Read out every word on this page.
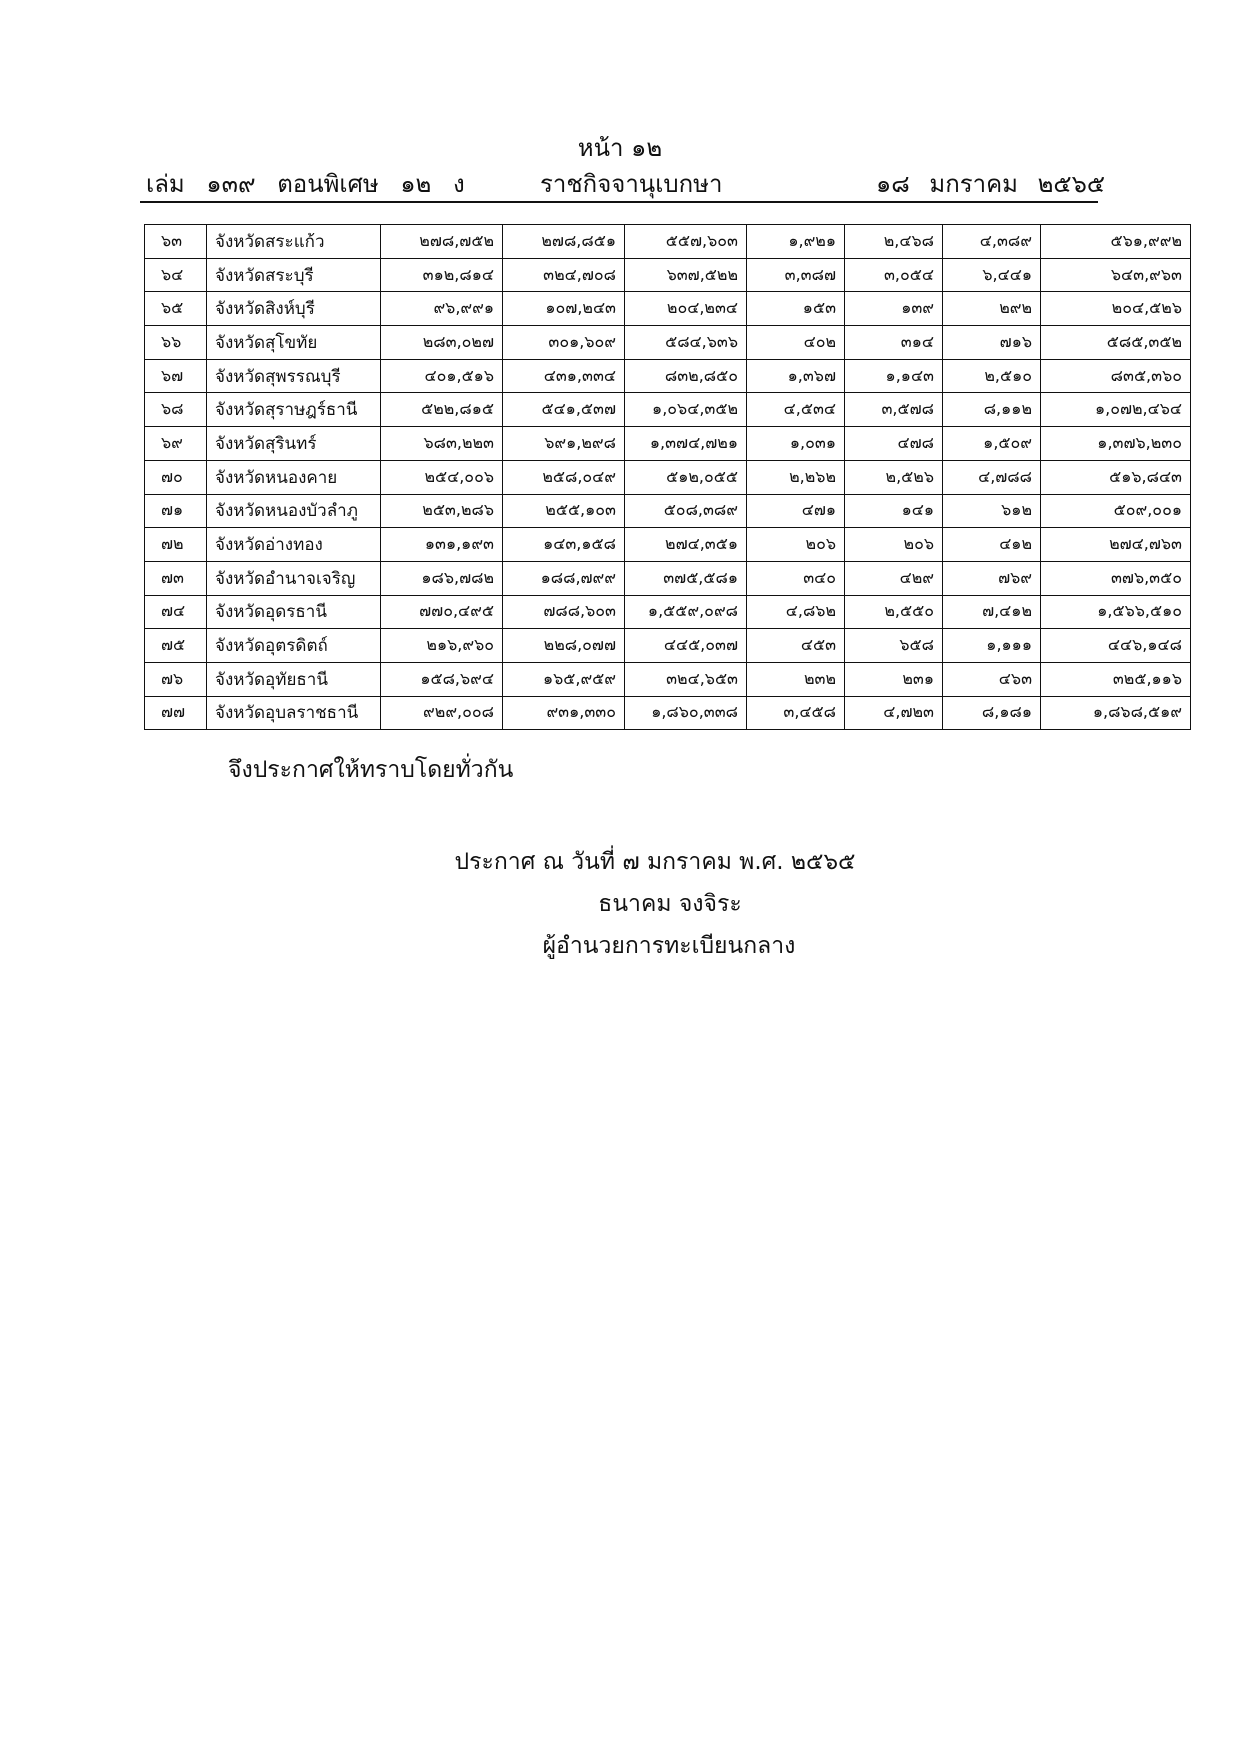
หน้า ๑๒
เล่ม ๑๓๙ ตอนพิเศษ ๑๒ ง	ราชกิจจานุเบกษา	๑๘ มกราคม ๒๕๖๕
๖๓	จังหวัดสระแก้ว	๒๗๘,๗๕๒	๒๗๘,๘๕๑	๕๕๗,๖๐๓	๑,๙๒๑	๒,๔๖๘	๔,๓๘๙	๕๖๑,๙๙๒
๖๔	จังหวัดสระบุรี	๓๑๒,๘๑๔	๓๒๔,๗๐๘	๖๓๗,๕๒๒	๓,๓๘๗	๓,๐๕๔	๖,๔๔๑	๖๔๓,๙๖๓
๖๕	จังหวัดสิงห์บุรี	๙๖,๙๙๑	๑๐๗,๒๔๓	๒๐๔,๒๓๔	๑๕๓	๑๓๙	๒๙๒	๒๐๔,๕๒๖
๖๖	จังหวัดสุโขทัย	๒๘๓,๐๒๗	๓๐๑,๖๐๙	๕๘๔,๖๓๖	๔๐๒	๓๑๔	๗๑๖	๕๘๕,๓๕๒
๖๗	จังหวัดสุพรรณบุรี	๔๐๑,๕๑๖	๔๓๑,๓๓๔	๘๓๒,๘๕๐	๑,๓๖๗	๑,๑๔๓	๒,๕๑๐	๘๓๕,๓๖๐
๖๘	จังหวัดสุราษฎร์ธานี	๕๒๒,๘๑๕	๕๔๑,๕๓๗	๑,๐๖๔,๓๕๒	๔,๕๓๔	๓,๕๗๘	๘,๑๑๒	๑,๐๗๒,๔๖๔
๖๙	จังหวัดสุรินทร์	๖๘๓,๒๒๓	๖๙๑,๒๙๘	๑,๓๗๔,๗๒๑	๑,๐๓๑	๔๗๘	๑,๕๐๙	๑,๓๗๖,๒๓๐
๗๐	จังหวัดหนองคาย	๒๕๔,๐๐๖	๒๕๘,๐๔๙	๕๑๒,๐๕๕	๒,๒๖๒	๒,๕๒๖	๔,๗๘๘	๕๑๖,๘๔๓
๗๑	จังหวัดหนองบัวลำภู	๒๕๓,๒๘๖	๒๕๕,๑๐๓	๕๐๘,๓๘๙	๔๗๑	๑๔๑	๖๑๒	๕๐๙,๐๐๑
๗๒	จังหวัดอ่างทอง	๑๓๑,๑๙๓	๑๔๓,๑๕๘	๒๗๔,๓๕๑	๒๐๖	๒๐๖	๔๑๒	๒๗๔,๗๖๓
๗๓	จังหวัดอำนาจเจริญ	๑๘๖,๗๘๒	๑๘๘,๗๙๙	๓๗๕,๕๘๑	๓๔๐	๔๒๙	๗๖๙	๓๗๖,๓๕๐
๗๔	จังหวัดอุดรธานี	๗๗๐,๔๙๕	๗๘๘,๖๐๓	๑,๕๕๙,๐๙๘	๔,๘๖๒	๒,๕๕๐	๗,๔๑๒	๑,๕๖๖,๕๑๐
๗๕	จังหวัดอุตรดิตถ์	๒๑๖,๙๖๐	๒๒๘,๐๗๗	๔๔๕,๐๓๗	๔๕๓	๖๕๘	๑,๑๑๑	๔๔๖,๑๔๘
๗๖	จังหวัดอุทัยธานี	๑๕๘,๖๙๔	๑๖๕,๙๕๙	๓๒๔,๖๕๓	๒๓๒	๒๓๑	๔๖๓	๓๒๕,๑๑๖
๗๗	จังหวัดอุบลราชธานี	๙๒๙,๐๐๘	๙๓๑,๓๓๐	๑,๘๖๐,๓๓๘	๓,๔๕๘	๔,๗๒๓	๘,๑๘๑	๑,๘๖๘,๕๑๙
จึงประกาศให้ทราบโดยทั่วกัน
ประกาศ ณ วันที่ ๗ มกราคม พ.ศ. ๒๕๖๕
ธนาคม จงจิระ
ผู้อำนวยการทะเบียนกลาง
